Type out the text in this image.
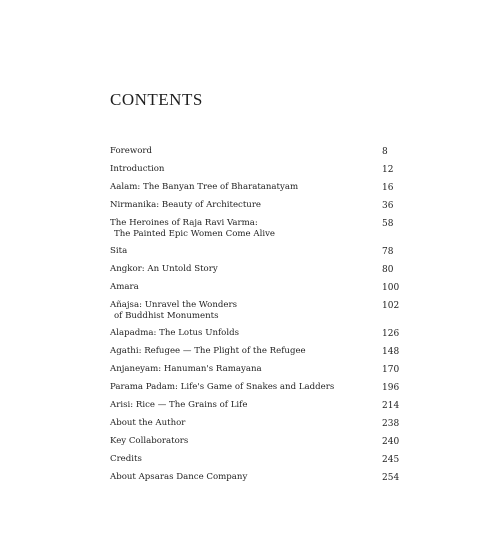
CONTENTS
Foreword	8
Introduction	12
Aalam: The Banyan Tree of Bharatanatyam	16
Nirmanika: Beauty of Architecture	36
The Heroines of Raja Ravi Varma:
The Painted Epic Women Come Alive
58
Sita	78
Angkor: An Untold Story	80
Amara	100
Añajsa: Unravel the Wonders
of Buddhist Monuments
102
Alapadma: The Lotus Unfolds	126
Agathi: Refugee — The Plight of the Refugee	148
Anjaneyam: Hanuman's Ramayana	170
Parama Padam: Life's Game of Snakes and Ladders	196
Arisi: Rice — The Grains of Life	214
About the Author	238
Key Collaborators	240
Credits	245
About Apsaras Dance Company	254
